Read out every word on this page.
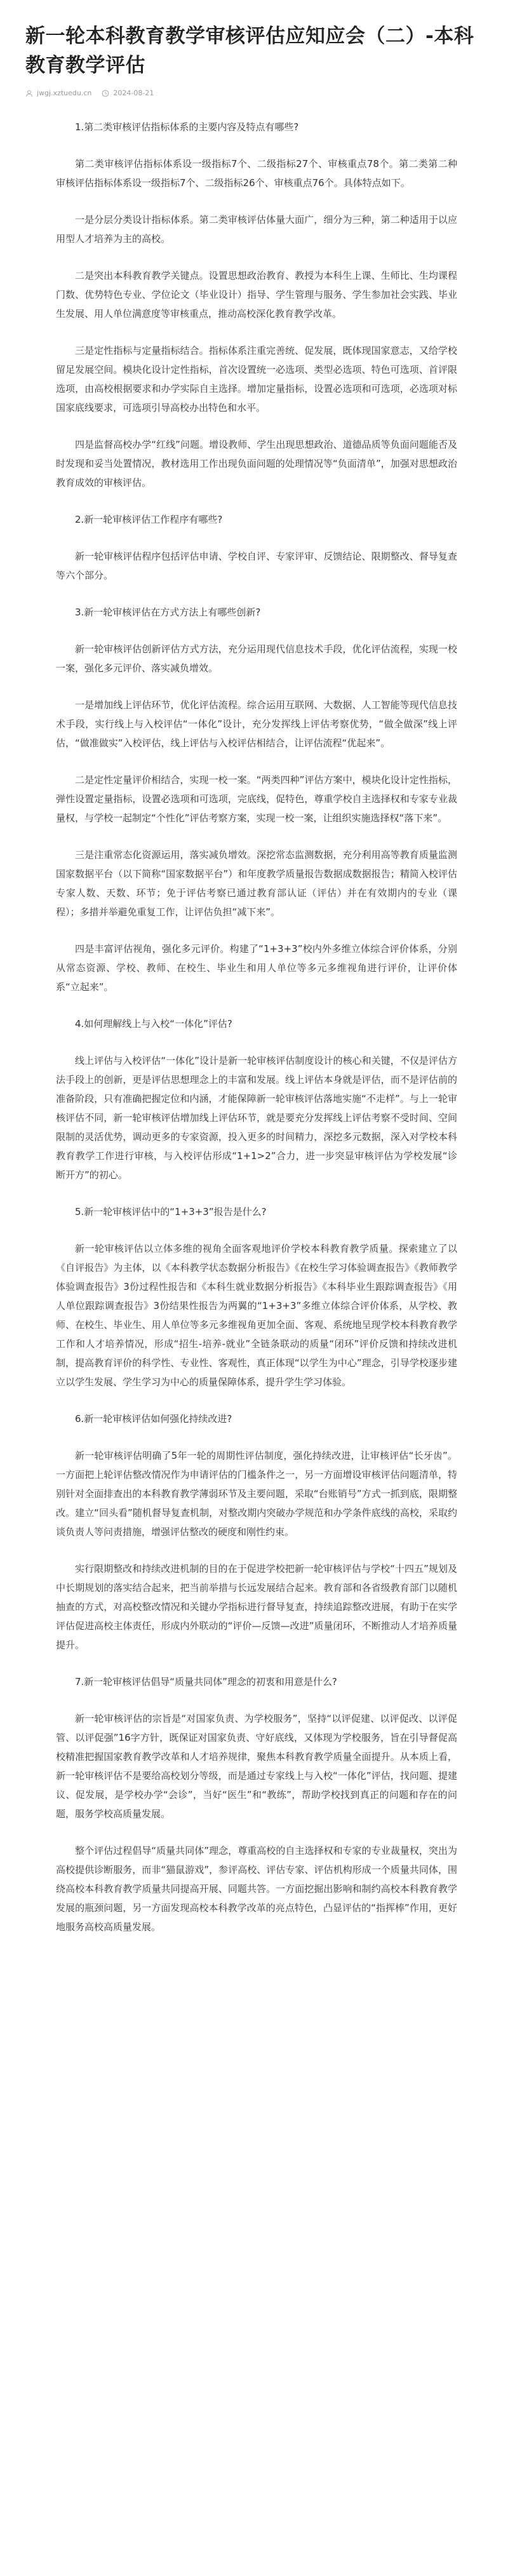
新一轮本科教育教学审核评估应知应会（二）-本科教育教学评估
jwgj.xztuedu.cn	2024-08-21

1.第二类审核评估指标体系的主要内容及特点有哪些?

第二类审核评估指标体系设一级指标7个、二级指标27个、审核重点78个。第二类第二种审核评估指标体系设一级指标7个、二级指标26个、审核重点76个。具体特点如下。

一是分层分类设计指标体系。第二类审核评估体量大面广，细分为三种，第二种适用于以应用型人才培养为主的高校。

二是突出本科教育教学关键点。设置思想政治教育、教授为本科生上课、生师比、生均课程门数、优势特色专业、学位论文（毕业设计）指导、学生管理与服务、学生参加社会实践、毕业生发展、用人单位满意度等审核重点，推动高校深化教育教学改革。

三是定性指标与定量指标结合。指标体系注重完善统、促发展，既体现国家意志，又给学校留足发展空间。模块化设计定性指标，首次设置统一必选项、类型必选项、特色可选项、首评限选项，由高校根据要求和办学实际自主选择。增加定量指标，设置必选项和可选项，必选项对标国家底线要求，可选项引导高校办出特色和水平。

四是监督高校办学“红线”问题。增设教师、学生出现思想政治、道德品质等负面问题能否及时发现和妥当处置情况，教材选用工作出现负面问题的处理情况等“负面清单”，加强对思想政治教育成效的审核评估。

2.新一轮审核评估工作程序有哪些?

新一轮审核评估程序包括评估申请、学校自评、专家评审、反馈结论、限期整改、督导复查等六个部分。

3.新一轮审核评估在方式方法上有哪些创新?

新一轮审核评估创新评估方式方法，充分运用现代信息技术手段，优化评估流程，实现一校一案，强化多元评价、落实减负增效。

一是增加线上评估环节，优化评估流程。综合运用互联网、大数据、人工智能等现代信息技术手段，实行线上与入校评估“一体化”设计，充分发挥线上评估考察优势，“做全做深”线上评估，“做准做实”入校评估，线上评估与入校评估相结合，让评估流程“优起来”。

二是定性定量评价相结合，实现一校一案。“两类四种”评估方案中，模块化设计定性指标，弹性设置定量指标，设置必选项和可选项，完底线，促特色，尊重学校自主选择权和专家专业裁量权，与学校一起制定“个性化”评估考察方案，实现一校一案，让组织实施选择权“落下来”。

三是注重常态化资源运用，落实减负增效。深挖常态监测数据，充分利用高等教育质量监测国家数据平台（以下简称“国家数据平台”）和年度教学质量报告数据成数据报告；精简入校评估专家人数、天数、环节；免于评估考察已通过教育部认证（评估）并在有效期内的专业（课程）；多措并举避免重复工作，让评估负担“减下来”。

四是丰富评估视角，强化多元评价。构建了“1+3+3”校内外多维立体综合评价体系，分别从常态资源、学校、教师、在校生、毕业生和用人单位等多元多维视角进行评价，让评价体系“立起来”。

4.如何理解线上与入校“一体化”评估?

线上评估与入校评估“一体化”设计是新一轮审核评估制度设计的核心和关键，不仅是评估方法手段上的创新，更是评估思想理念上的丰富和发展。线上评估本身就是评估，而不是评估前的准备阶段，只有准确把握定位和内涵，才能保障新一轮审核评估落地实施“不走样”。与上一轮审核评估不同，新一轮审核评估增加线上评估环节，就是要充分发挥线上评估考察不受时间、空间限制的灵活优势，调动更多的专家资源，投入更多的时间精力，深挖多元数据，深入对学校本科教育教学工作进行审核，与入校评估形成“1+1>2”合力，进一步突显审核评估为学校发展“诊断开方”的初心。

5.新一轮审核评估中的“1+3+3”报告是什么?

新一轮审核评估以立体多维的视角全面客观地评价学校本科教育教学质量。探索建立了以《自评报告》为主体，以《本科教学状态数据分析报告》《在校生学习体验调查报告》《教师教学体验调查报告》3份过程性报告和《本科生就业数据分析报告》《本科毕业生跟踪调查报告》《用人单位跟踪调查报告》3份结果性报告为两翼的“1+3+3”多维立体综合评价体系，从学校、教师、在校生、毕业生、用人单位等多元多维视角更加全面、客观、系统地呈现学校本科教育教学工作和人才培养情况，形成“招生-培养-就业”全链条联动的质量“闭环”评价反馈和持续改进机制，提高教育评价的科学性、专业性、客观性，真正体现“以学生为中心”理念，引导学校逐步建立以学生发展、学生学习为中心的质量保障体系，提升学生学习体验。

6.新一轮审核评估如何强化持续改进?

新一轮审核评估明确了5年一轮的周期性评估制度，强化持续改进，让审核评估“长牙齿”。一方面把上轮评估整改情况作为申请评估的门槛条件之一，另一方面增设审核评估问题清单，特别针对全面排查出的本科教育教学薄弱环节及主要问题，采取“台账销号”方式一抓到底，限期整改。建立“回头看”随机督导复查机制，对整改期内突破办学规范和办学条件底线的高校，采取约谈负责人等问责措施，增强评估整改的硬度和刚性约束。

实行限期整改和持续改进机制的目的在于促进学校把新一轮审核评估与学校“十四五”规划及中长期规划的落实结合起来，把当前举措与长远发展结合起来。教育部和各省级教育部门以随机抽查的方式，对高校整改情况和关键办学指标进行督导复查，持续追踪整改进展，有助于在实学评估促进高校主体责任，形成内外联动的“评价—反馈—改进”质量闭环，不断推动人才培养质量提升。

7.新一轮审核评估倡导“质量共同体”理念的初衷和用意是什么?

新一轮审核评估的宗旨是“对国家负责、为学校服务”，坚持“以评促建、以评促改、以评促管、以评促强”16字方针，既保证对国家负责、守好底线，又体现为学校服务，旨在引导督促高校精准把握国家教育教学改革和人才培养规律，聚焦本科教育教学质量全面提升。从本质上看，新一轮审核评估不是要给高校划分等级，而是通过专家线上与入校“一体化”评估，找问题、提建议、促发展，是学校办学“会诊”，当好“医生”和“教练”，帮助学校找到真正的问题和存在的问题，服务学校高质量发展。

整个评估过程倡导“质量共同体”理念，尊重高校的自主选择权和专家的专业裁量权，突出为高校提供诊断服务，而非“猫鼠游戏”，参评高校、评估专家、评估机构形成一个质量共同体，围绕高校本科教育教学质量共同提高开展、同题共答。一方面挖掘出影响和制约高校本科教育教学发展的瓶颈问题，另一方面发现高校本科教学改革的亮点特色，凸显评估的“指挥棒”作用，更好地服务高校高质量发展。
